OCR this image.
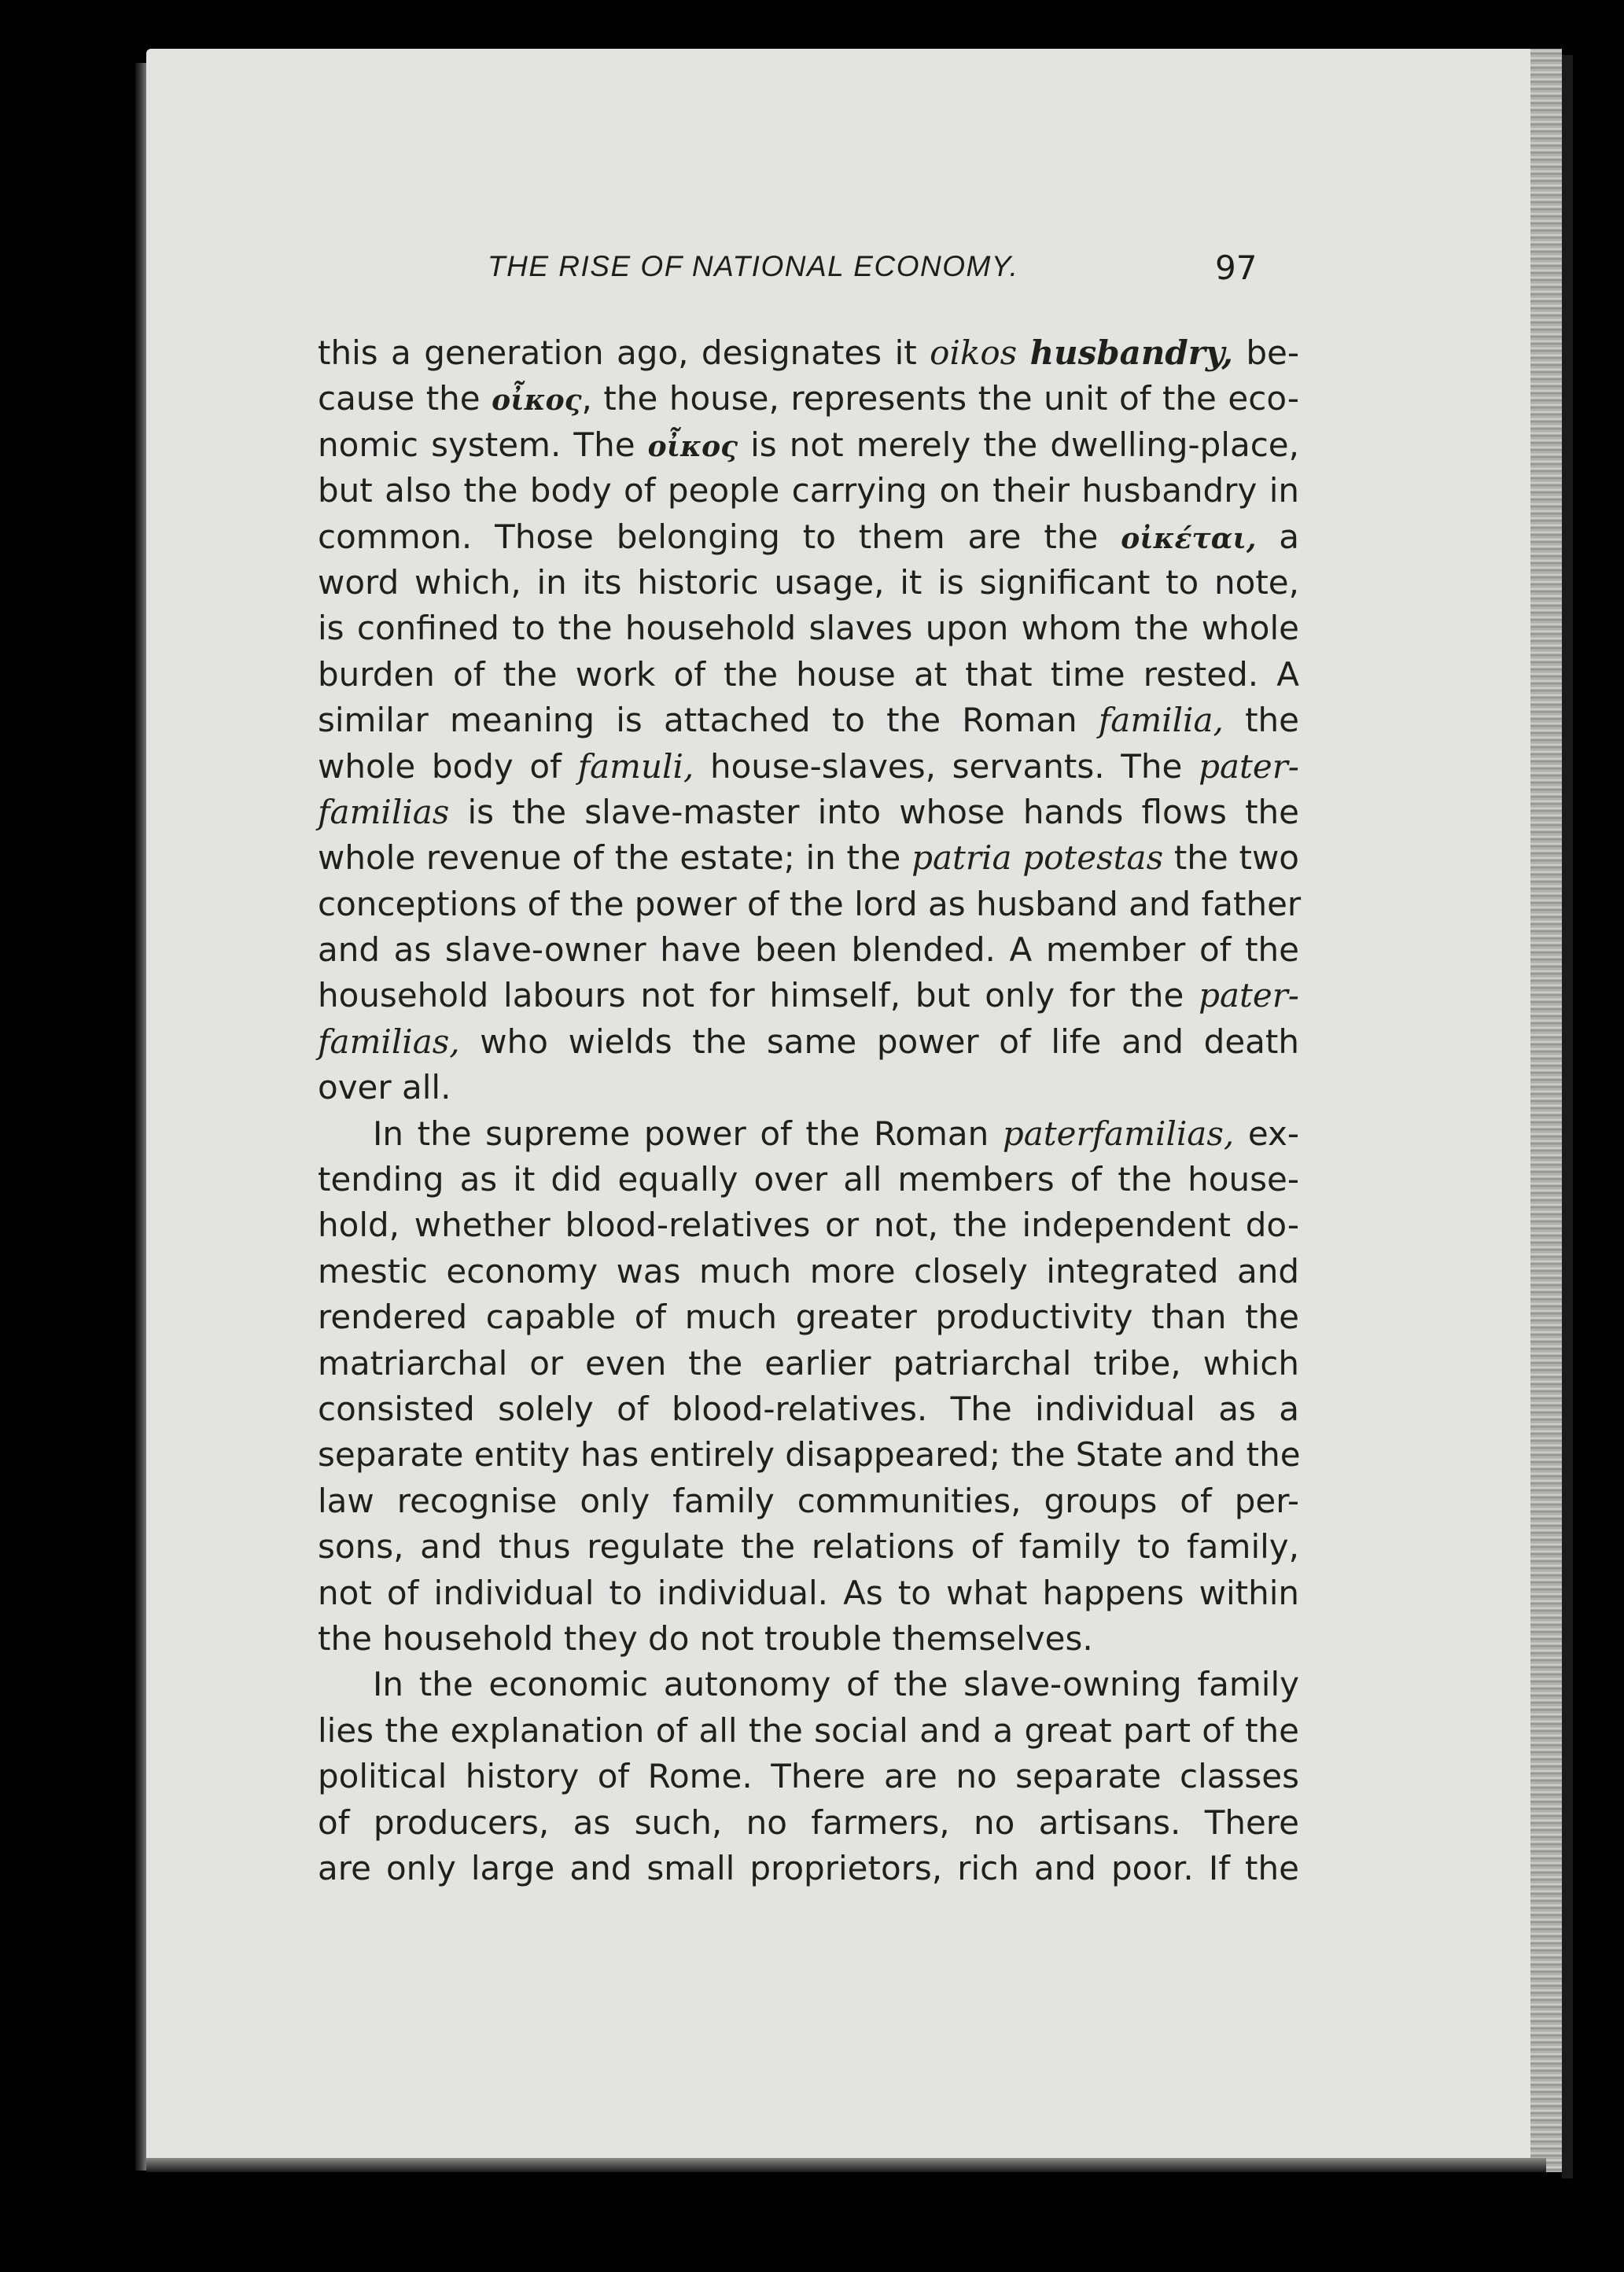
THE RISE OF NATIONAL ECONOMY.	97
this a generation ago, designates it oikos husbandry, be-
cause the οἶκος, the house, represents the unit of the eco-
nomic system. The οἶκος is not merely the dwelling-place,
but also the body of people carrying on their husbandry in
common. Those belonging to them are the οἰκέται, a
word which, in its historic usage, it is significant to note,
is confined to the household slaves upon whom the whole
burden of the work of the house at that time rested. A
similar meaning is attached to the Roman familia, the
whole body of famuli, house-slaves, servants. The pater-
familias is the slave-master into whose hands flows the
whole revenue of the estate; in the patria potestas the two
conceptions of the power of the lord as husband and father
and as slave-owner have been blended. A member of the
household labours not for himself, but only for the pater-
familias, who wields the same power of life and death
over all.
In the supreme power of the Roman paterfamilias, ex-
tending as it did equally over all members of the house-
hold, whether blood-relatives or not, the independent do-
mestic economy was much more closely integrated and
rendered capable of much greater productivity than the
matriarchal or even the earlier patriarchal tribe, which
consisted solely of blood-relatives. The individual as a
separate entity has entirely disappeared; the State and the
law recognise only family communities, groups of per-
sons, and thus regulate the relations of family to family,
not of individual to individual. As to what happens within
the household they do not trouble themselves.
In the economic autonomy of the slave-owning family
lies the explanation of all the social and a great part of the
political history of Rome. There are no separate classes
of producers, as such, no farmers, no artisans. There
are only large and small proprietors, rich and poor. If the
